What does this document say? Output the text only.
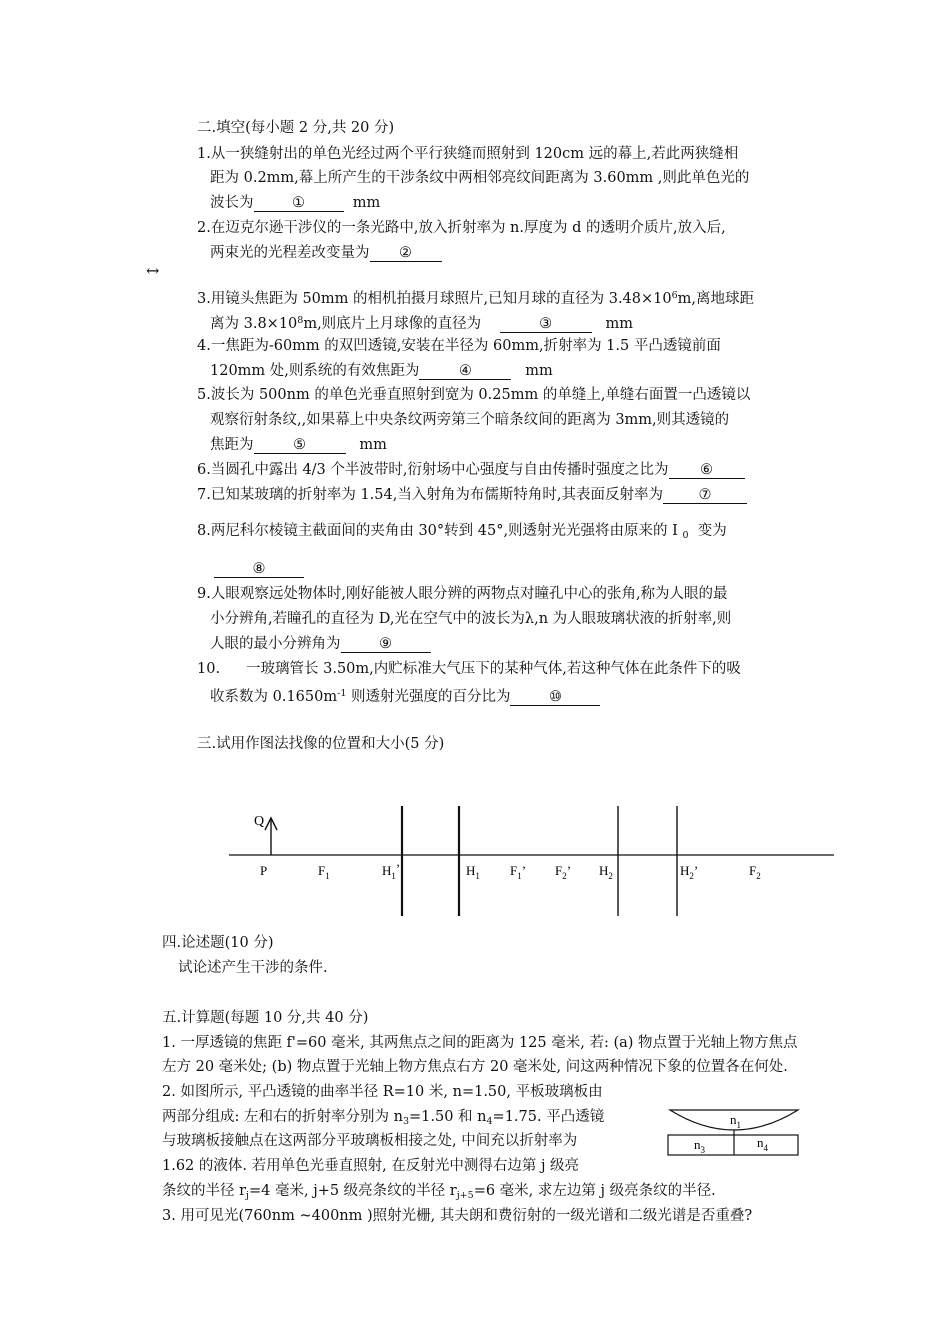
二.填空(每小题 2 分,共 20 分)
1.从一狭缝射出的单色光经过两个平行狭缝而照射到 120cm 远的幕上,若此两狭缝相
距为 0.2mm,幕上所产生的干涉条纹中两相邻亮纹间距离为 3.60mm ,则此单色光的
波长为	①	mm
2.在迈克尔逊干涉仪的一条光路中,放入折射率为 n.厚度为 d 的透明介质片,放入后,
两束光的光程差改变量为 ②
↔
3.用镜头焦距为 50mm 的相机拍摄月球照片,已知月球的直径为 $3.48\times 10^6m$,离地球距
离为 $3.8\times 10^8m$,则底片上月球像的直径为	③	mm
4.一焦距为-60mm 的双凹透镜,安装在半径为 60mm,折射率为 1.5 平凸透镜前面
120mm 处,则系统的有效焦距为	④	mm
5.波长为 500nm 的单色光垂直照射到宽为 0.25mm 的单缝上,单缝右面置一凸透镜以
观察衍射条纹,,如果幕上中央条纹两旁第三个暗条纹间的距离为 3mm,则其透镜的
焦距为	⑤	mm
6.当圆孔中露出 4/3 个半波带时,衍射场中心强度与自由传播时强度之比为 ⑥
7.已知某玻璃的折射率为 1.54,当入射角为布儒斯特角时,其表面反射率为 ⑦
8.两尼科尔棱镜主截面间的夹角由 30°转到 45°,则透射光光强将由原来的 I $_0$ 变为
⑧
9.人眼观察远处物体时,刚好能被人眼分辨的两物点对瞳孔中心的张角,称为人眼的最
小分辨角,若瞳孔的直径为 D,光在空气中的波长为λ,n 为人眼玻璃状液的折射率,则
人眼的最小分辨角为	⑨
10. 一玻璃管长 3.50m,内贮标准大气压下的某种气体,若这种气体在此条件下的吸
收系数为 $0.1650m^{-1}$ 则透射光强度的百分比为	⑩
三.试用作图法找像的位置和大小(5 分)
Q
P	$F_1$	$H_1$’	$H_1$ $F_1$’ $F_2$’ $H_2$	$H_2$’	$F_2$
$n_1$
$n_3$	$n_4$
四.论述题(10 分)
试论述产生干涉的条件.
五.计算题(每题 10 分,共 40 分)
1. 一厚透镜的焦距 f'=60 毫米, 其两焦点之间的距离为 125 毫米, 若: (a) 物点置于光轴上物方焦点
左方 20 毫米处; (b) 物点置于光轴上物方焦点右方 20 毫米处, 问这两种情况下象的位置各在何处.
2. 如图所示, 平凸透镜的曲率半径 R=10 米, n=1.50, 平板玻璃板由
两部分组成: 左和右的折射率分别为 $n_3=1.50$ 和 $n_4=1.75$. 平凸透镜
与玻璃板接触点在这两部分平玻璃板相接之处, 中间充以折射率为
1.62 的液体. 若用单色光垂直照射, 在反射光中测得右边第 j 级亮
条纹的半径 $r_j=4$ 毫米, j+5 级亮条纹的半径 $r_{j+5}=6$ 毫米, 求左边第 j 级亮条纹的半径.
3. 用可见光(760nm ~400nm )照射光栅, 其夫朗和费衍射的一级光谱和二级光谱是否重叠?
